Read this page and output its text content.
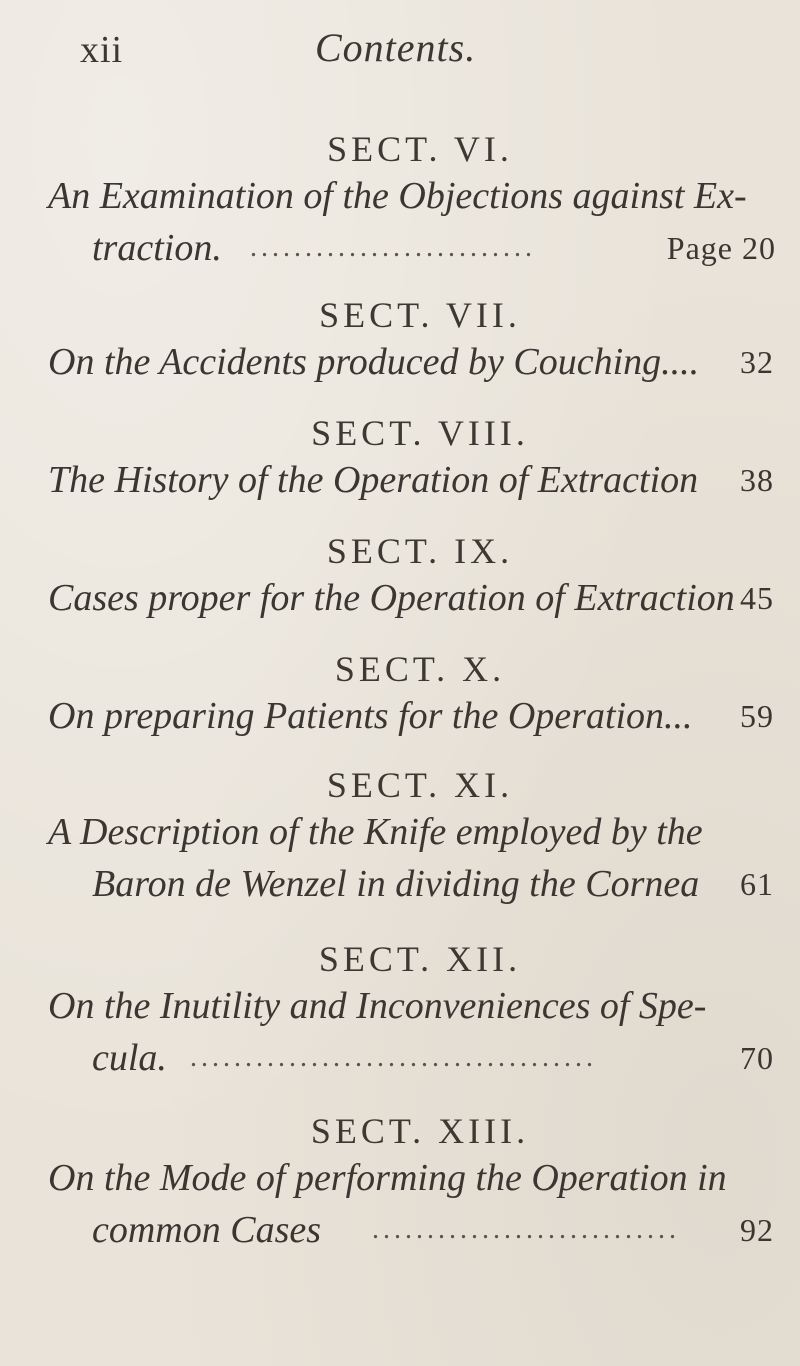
xii	Contents.
SECT. VI.
An Examination of the Objections against Ex-
traction. ..........................	Page 20
SECT. VII.
On the Accidents produced by Couching.... 32
SECT. VIII.
The History of the Operation of Extraction 38
SECT. IX.
Cases proper for the Operation of Extraction 45
SECT. X.
On preparing Patients for the Operation... 59
SECT. XI.
A Description of the Knife employed by the
Baron de Wenzel in dividing the Cornea 61
SECT. XII.
On the Inutility and Inconveniences of Spe-
cula. .....................................	70
SECT. XIII.
On the Mode of performing the Operation in
common Cases ............................	92
